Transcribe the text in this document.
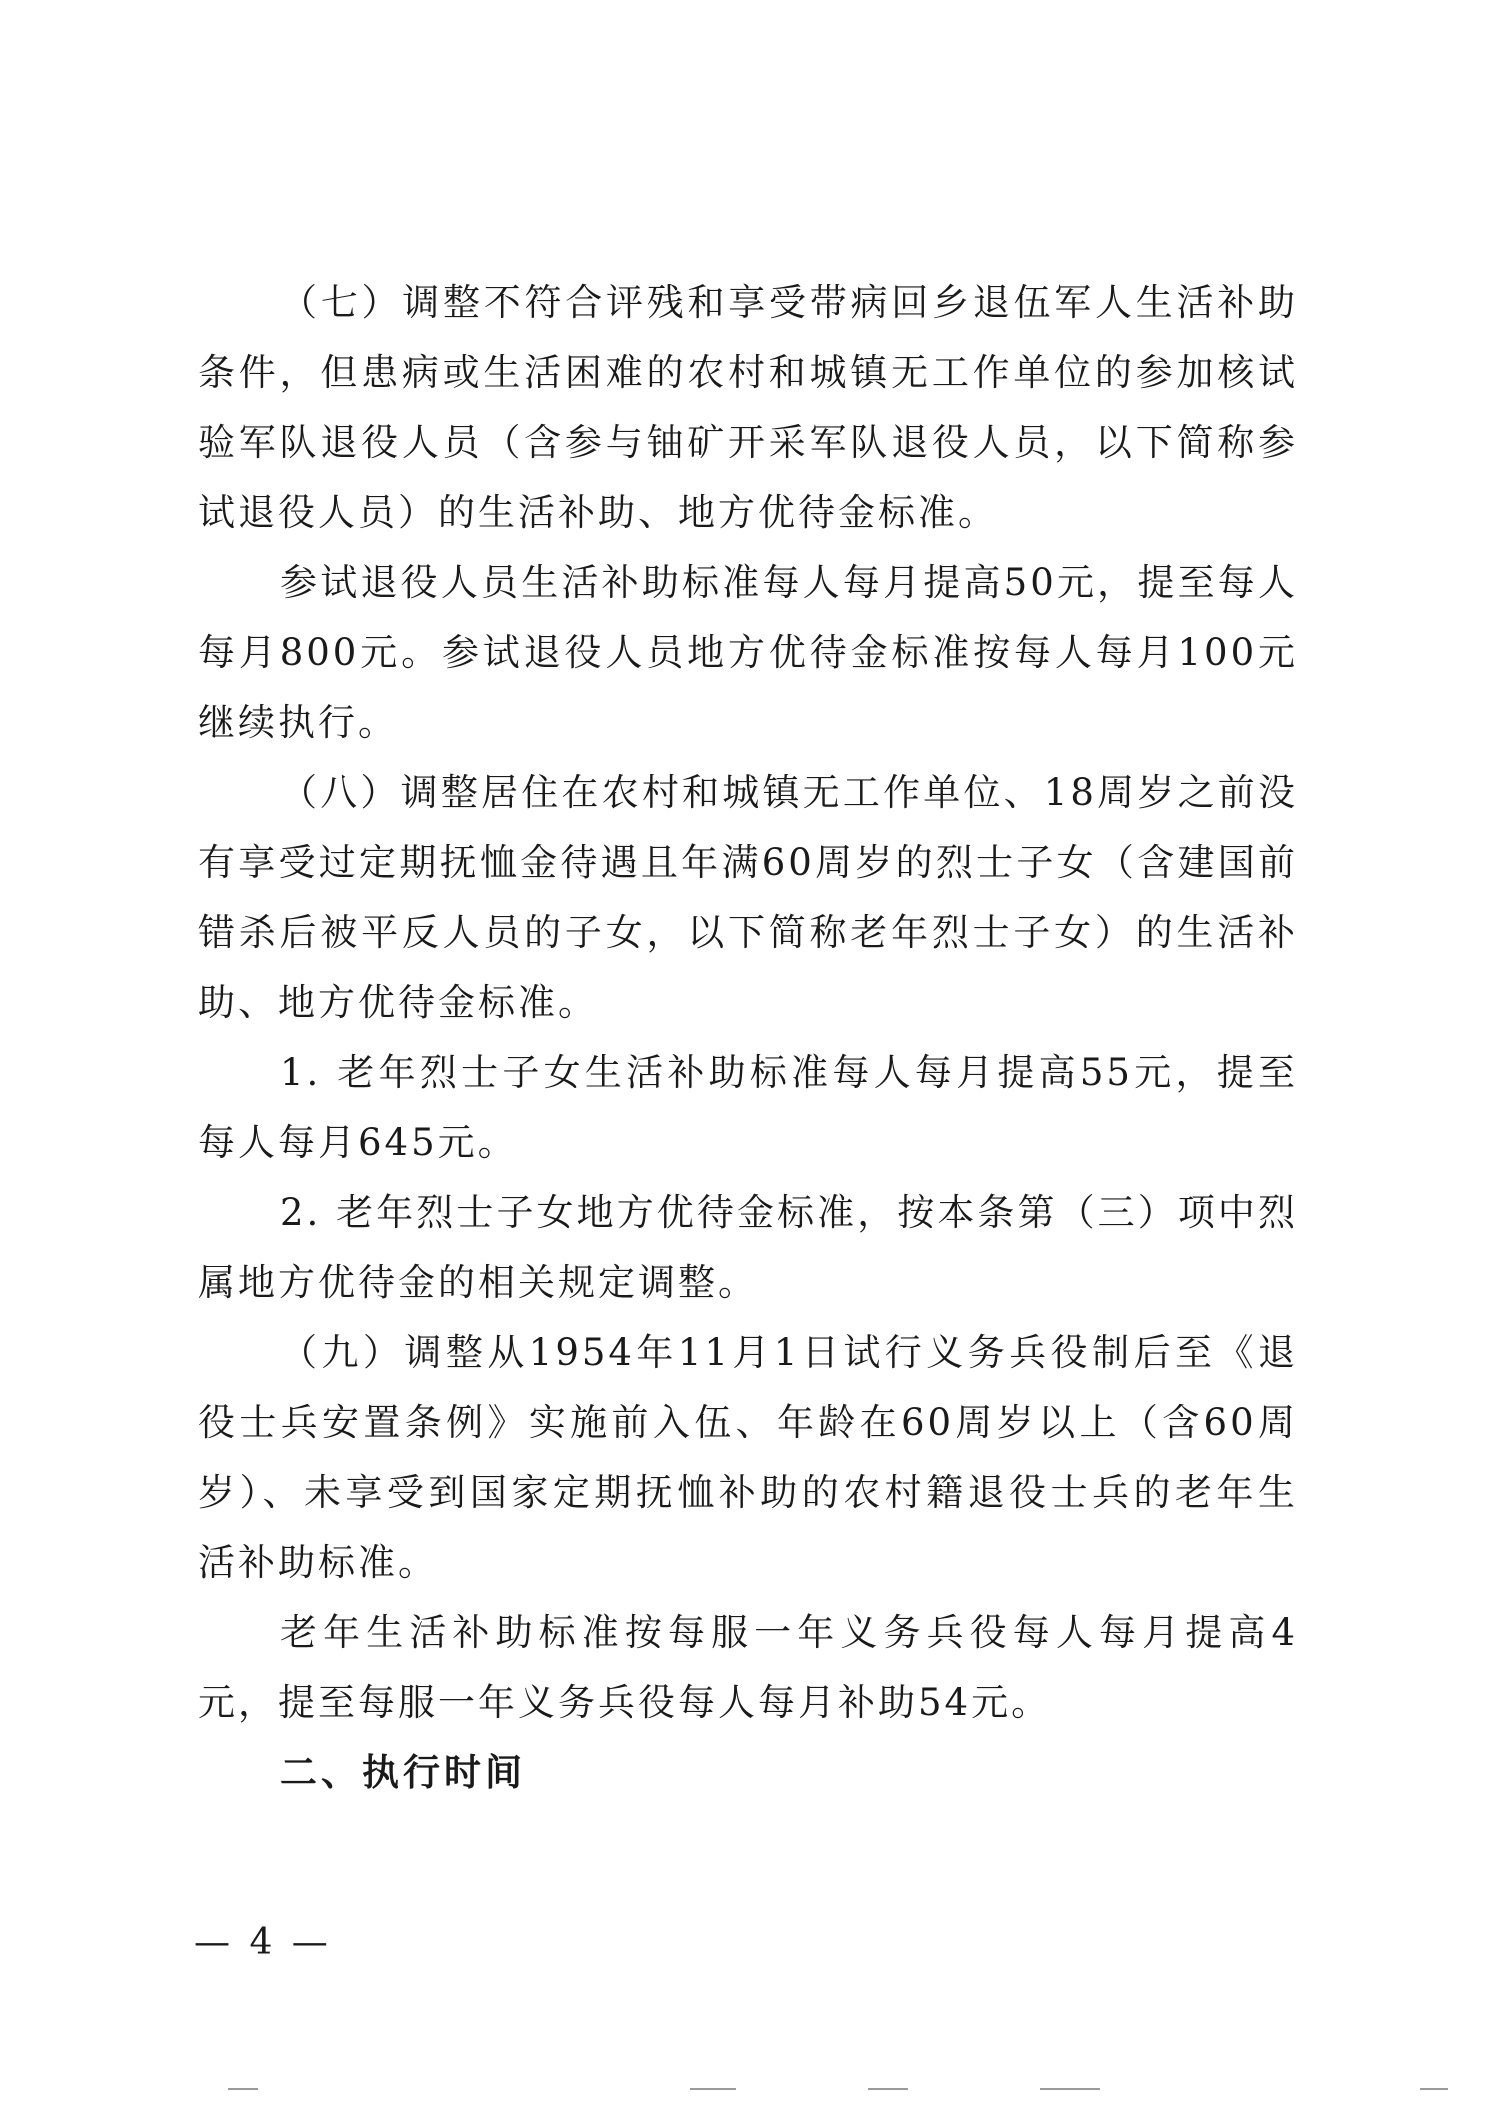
（七）调整不符合评残和享受带病回乡退伍军人生活补助条件，但患病或生活困难的农村和城镇无工作单位的参加核试验军队退役人员（含参与铀矿开采军队退役人员，以下简称参试退役人员）的生活补助、地方优待金标准。

参试退役人员生活补助标准每人每月提高50元，提至每人每月800元。参试退役人员地方优待金标准按每人每月100元继续执行。

（八）调整居住在农村和城镇无工作单位、18周岁之前没有享受过定期抚恤金待遇且年满60周岁的烈士子女（含建国前错杀后被平反人员的子女，以下简称老年烈士子女）的生活补助、地方优待金标准。

1. 老年烈士子女生活补助标准每人每月提高55元，提至每人每月645元。

2. 老年烈士子女地方优待金标准，按本条第（三）项中烈属地方优待金的相关规定调整。

（九）调整从1954年11月1日试行义务兵役制后至《退役士兵安置条例》实施前入伍、年龄在60周岁以上（含60周岁）、未享受到国家定期抚恤补助的农村籍退役士兵的老年生活补助标准。

老年生活补助标准按每服一年义务兵役每人每月提高4元，提至每服一年义务兵役每人每月补助54元。

二、执行时间

— 4 —
